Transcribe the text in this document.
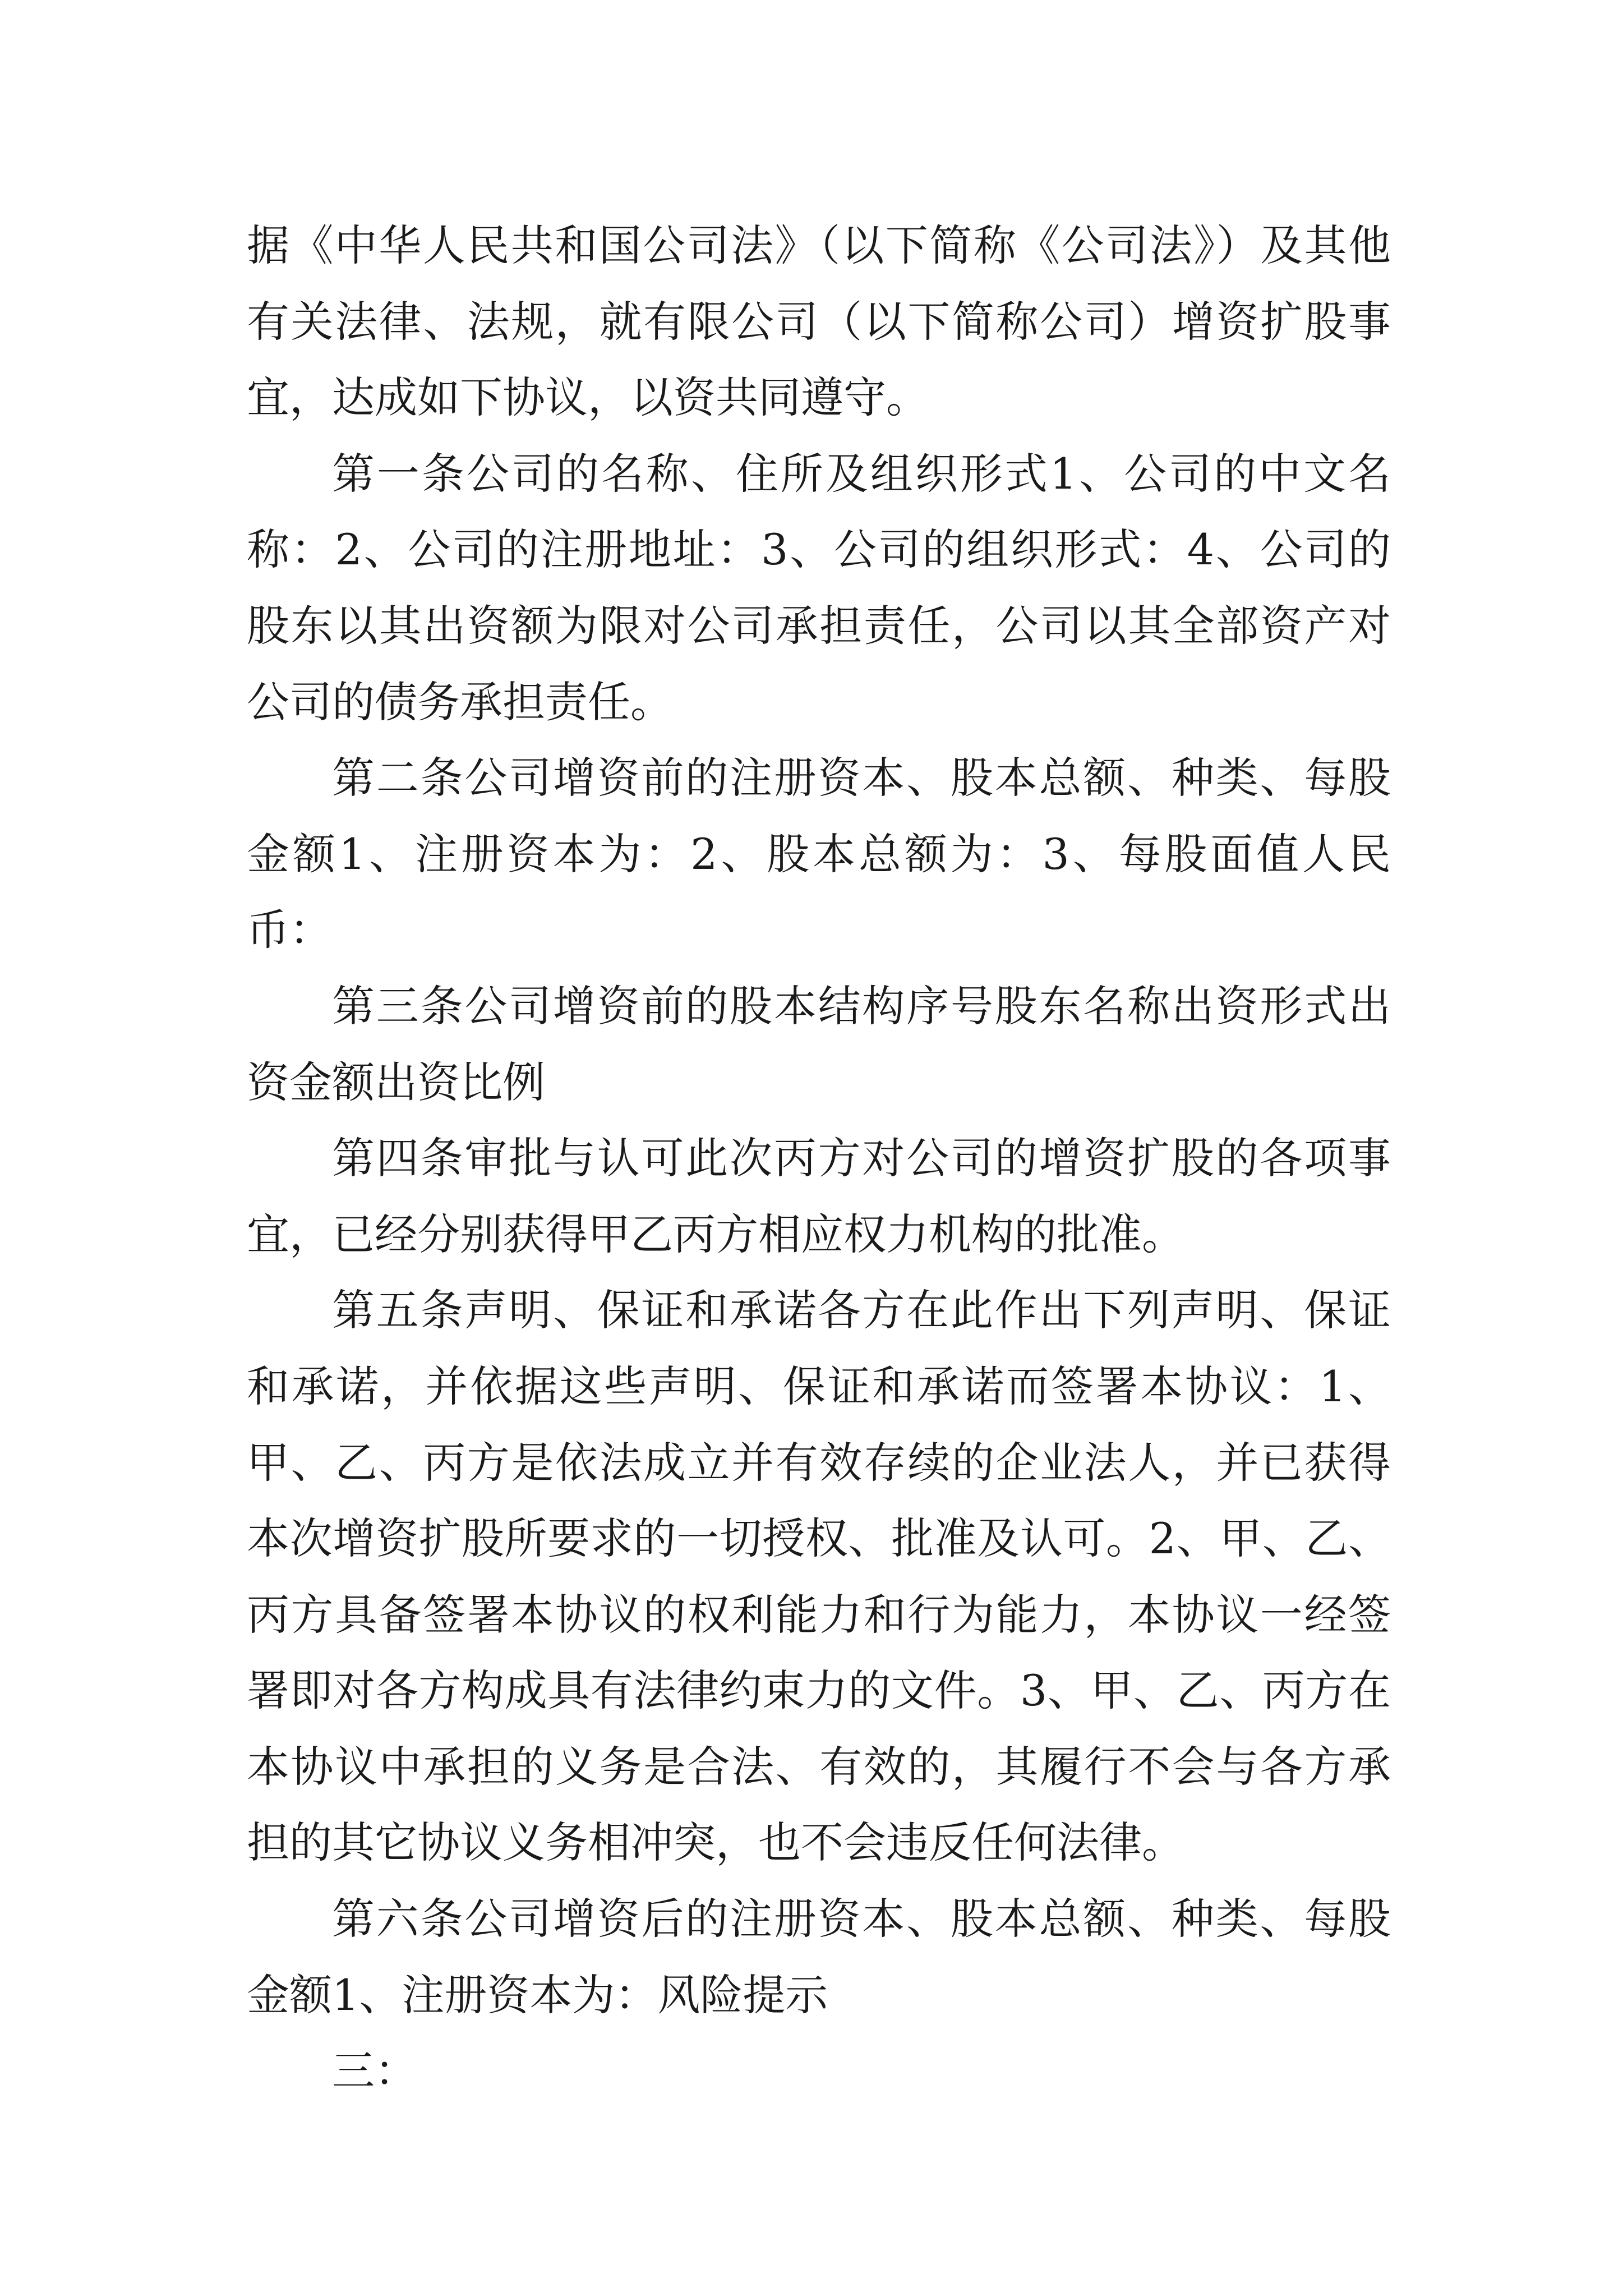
据《中华人民共和国公司法》（以下简称《公司法》）及其他有关法律、法规，就有限公司（以下简称公司）增资扩股事宜，达成如下协议，以资共同遵守。

第一条公司的名称、住所及组织形式1、公司的中文名称：2、公司的注册地址：3、公司的组织形式：4、公司的股东以其出资额为限对公司承担责任，公司以其全部资产对公司的债务承担责任。

第二条公司增资前的注册资本、股本总额、种类、每股金额1、注册资本为：2、股本总额为：3、每股面值人民币：

第三条公司增资前的股本结构序号股东名称出资形式出资金额出资比例

第四条审批与认可此次丙方对公司的增资扩股的各项事宜，已经分别获得甲乙丙方相应权力机构的批准。

第五条声明、保证和承诺各方在此作出下列声明、保证和承诺，并依据这些声明、保证和承诺而签署本协议：1、甲、乙、丙方是依法成立并有效存续的企业法人，并已获得本次增资扩股所要求的一切授权、批准及认可。2、甲、乙、丙方具备签署本协议的权利能力和行为能力，本协议一经签署即对各方构成具有法律约束力的文件。3、甲、乙、丙方在本协议中承担的义务是合法、有效的，其履行不会与各方承担的其它协议义务相冲突，也不会违反任何法律。

第六条公司增资后的注册资本、股本总额、种类、每股金额1、注册资本为：风险提示

三：
